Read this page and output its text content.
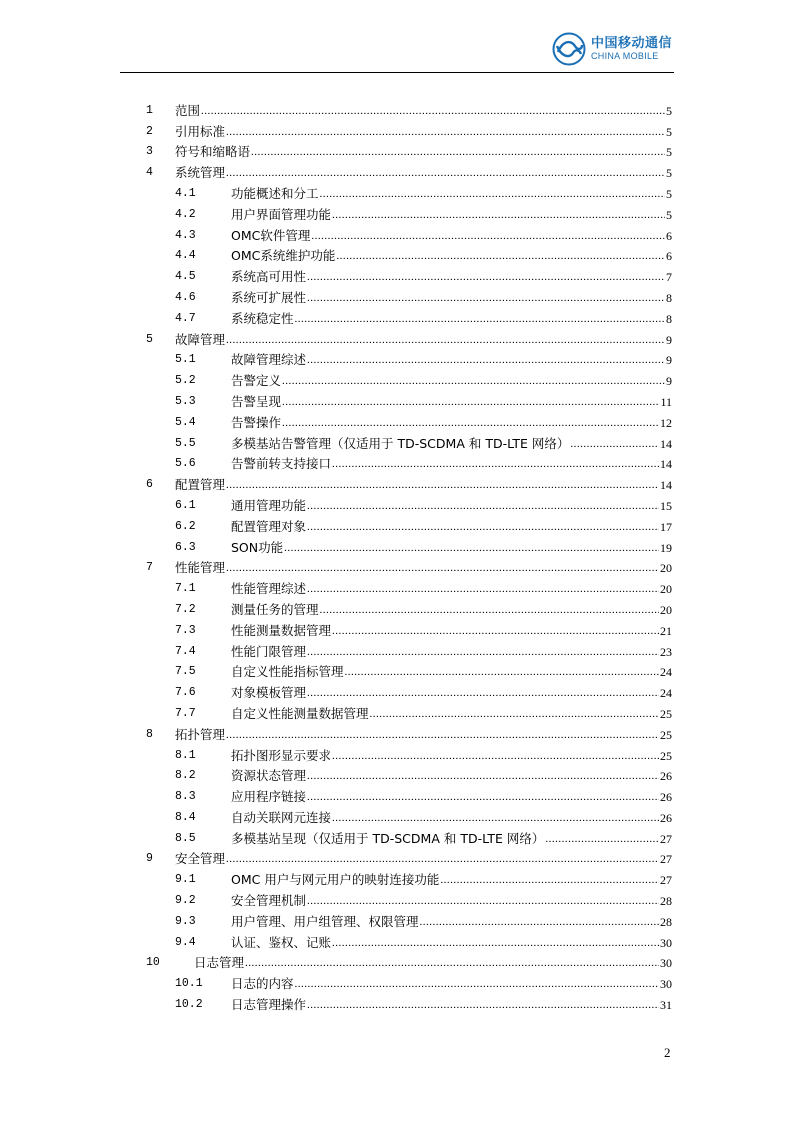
中国移动通信
CHINA MOBILE
1	范围 .....	5
2	引用标准 .....	5
3	符号和缩略语 .....	5
4	系统管理 .....	5
4.1	功能概述和分工 .....	5
4.2	用户界面管理功能 .....	5
4.3	OMC软件管理 .....	6
4.4	OMC系统维护功能 .....	6
4.5	系统高可用性 .....	7
4.6	系统可扩展性 .....	8
4.7	系统稳定性 .....	8
5	故障管理 .....	9
5.1	故障管理综述 .....	9
5.2	告警定义 .....	9
5.3	告警呈现 .....	11
5.4	告警操作 .....	12
5.5	多模基站告警管理（仅适用于 TD-SCDMA 和 TD-LTE 网络） .....	14
5.6	告警前转支持接口 .....	14
6	配置管理 .....	14
6.1	通用管理功能 .....	15
6.2	配置管理对象 .....	17
6.3	SON功能 .....	19
7	性能管理 .....	20
7.1	性能管理综述 .....	20
7.2	测量任务的管理 .....	20
7.3	性能测量数据管理 .....	21
7.4	性能门限管理 .....	23
7.5	自定义性能指标管理 .....	24
7.6	对象模板管理 .....	24
7.7	自定义性能测量数据管理 .....	25
8	拓扑管理 .....	25
8.1	拓扑图形显示要求 .....	25
8.2	资源状态管理 .....	26
8.3	应用程序链接 .....	26
8.4	自动关联网元连接 .....	26
8.5	多模基站呈现（仅适用于 TD-SCDMA 和 TD-LTE 网络） .....	27
9	安全管理 .....	27
9.1	OMC 用户与网元用户的映射连接功能 .....	27
9.2	安全管理机制 .....	28
9.3	用户管理、用户组管理、权限管理 .....	28
9.4	认证、鉴权、记账 .....	30
10	日志管理 .....	30
10.1	日志的内容 .....	30
10.2	日志管理操作 .....	31
2
